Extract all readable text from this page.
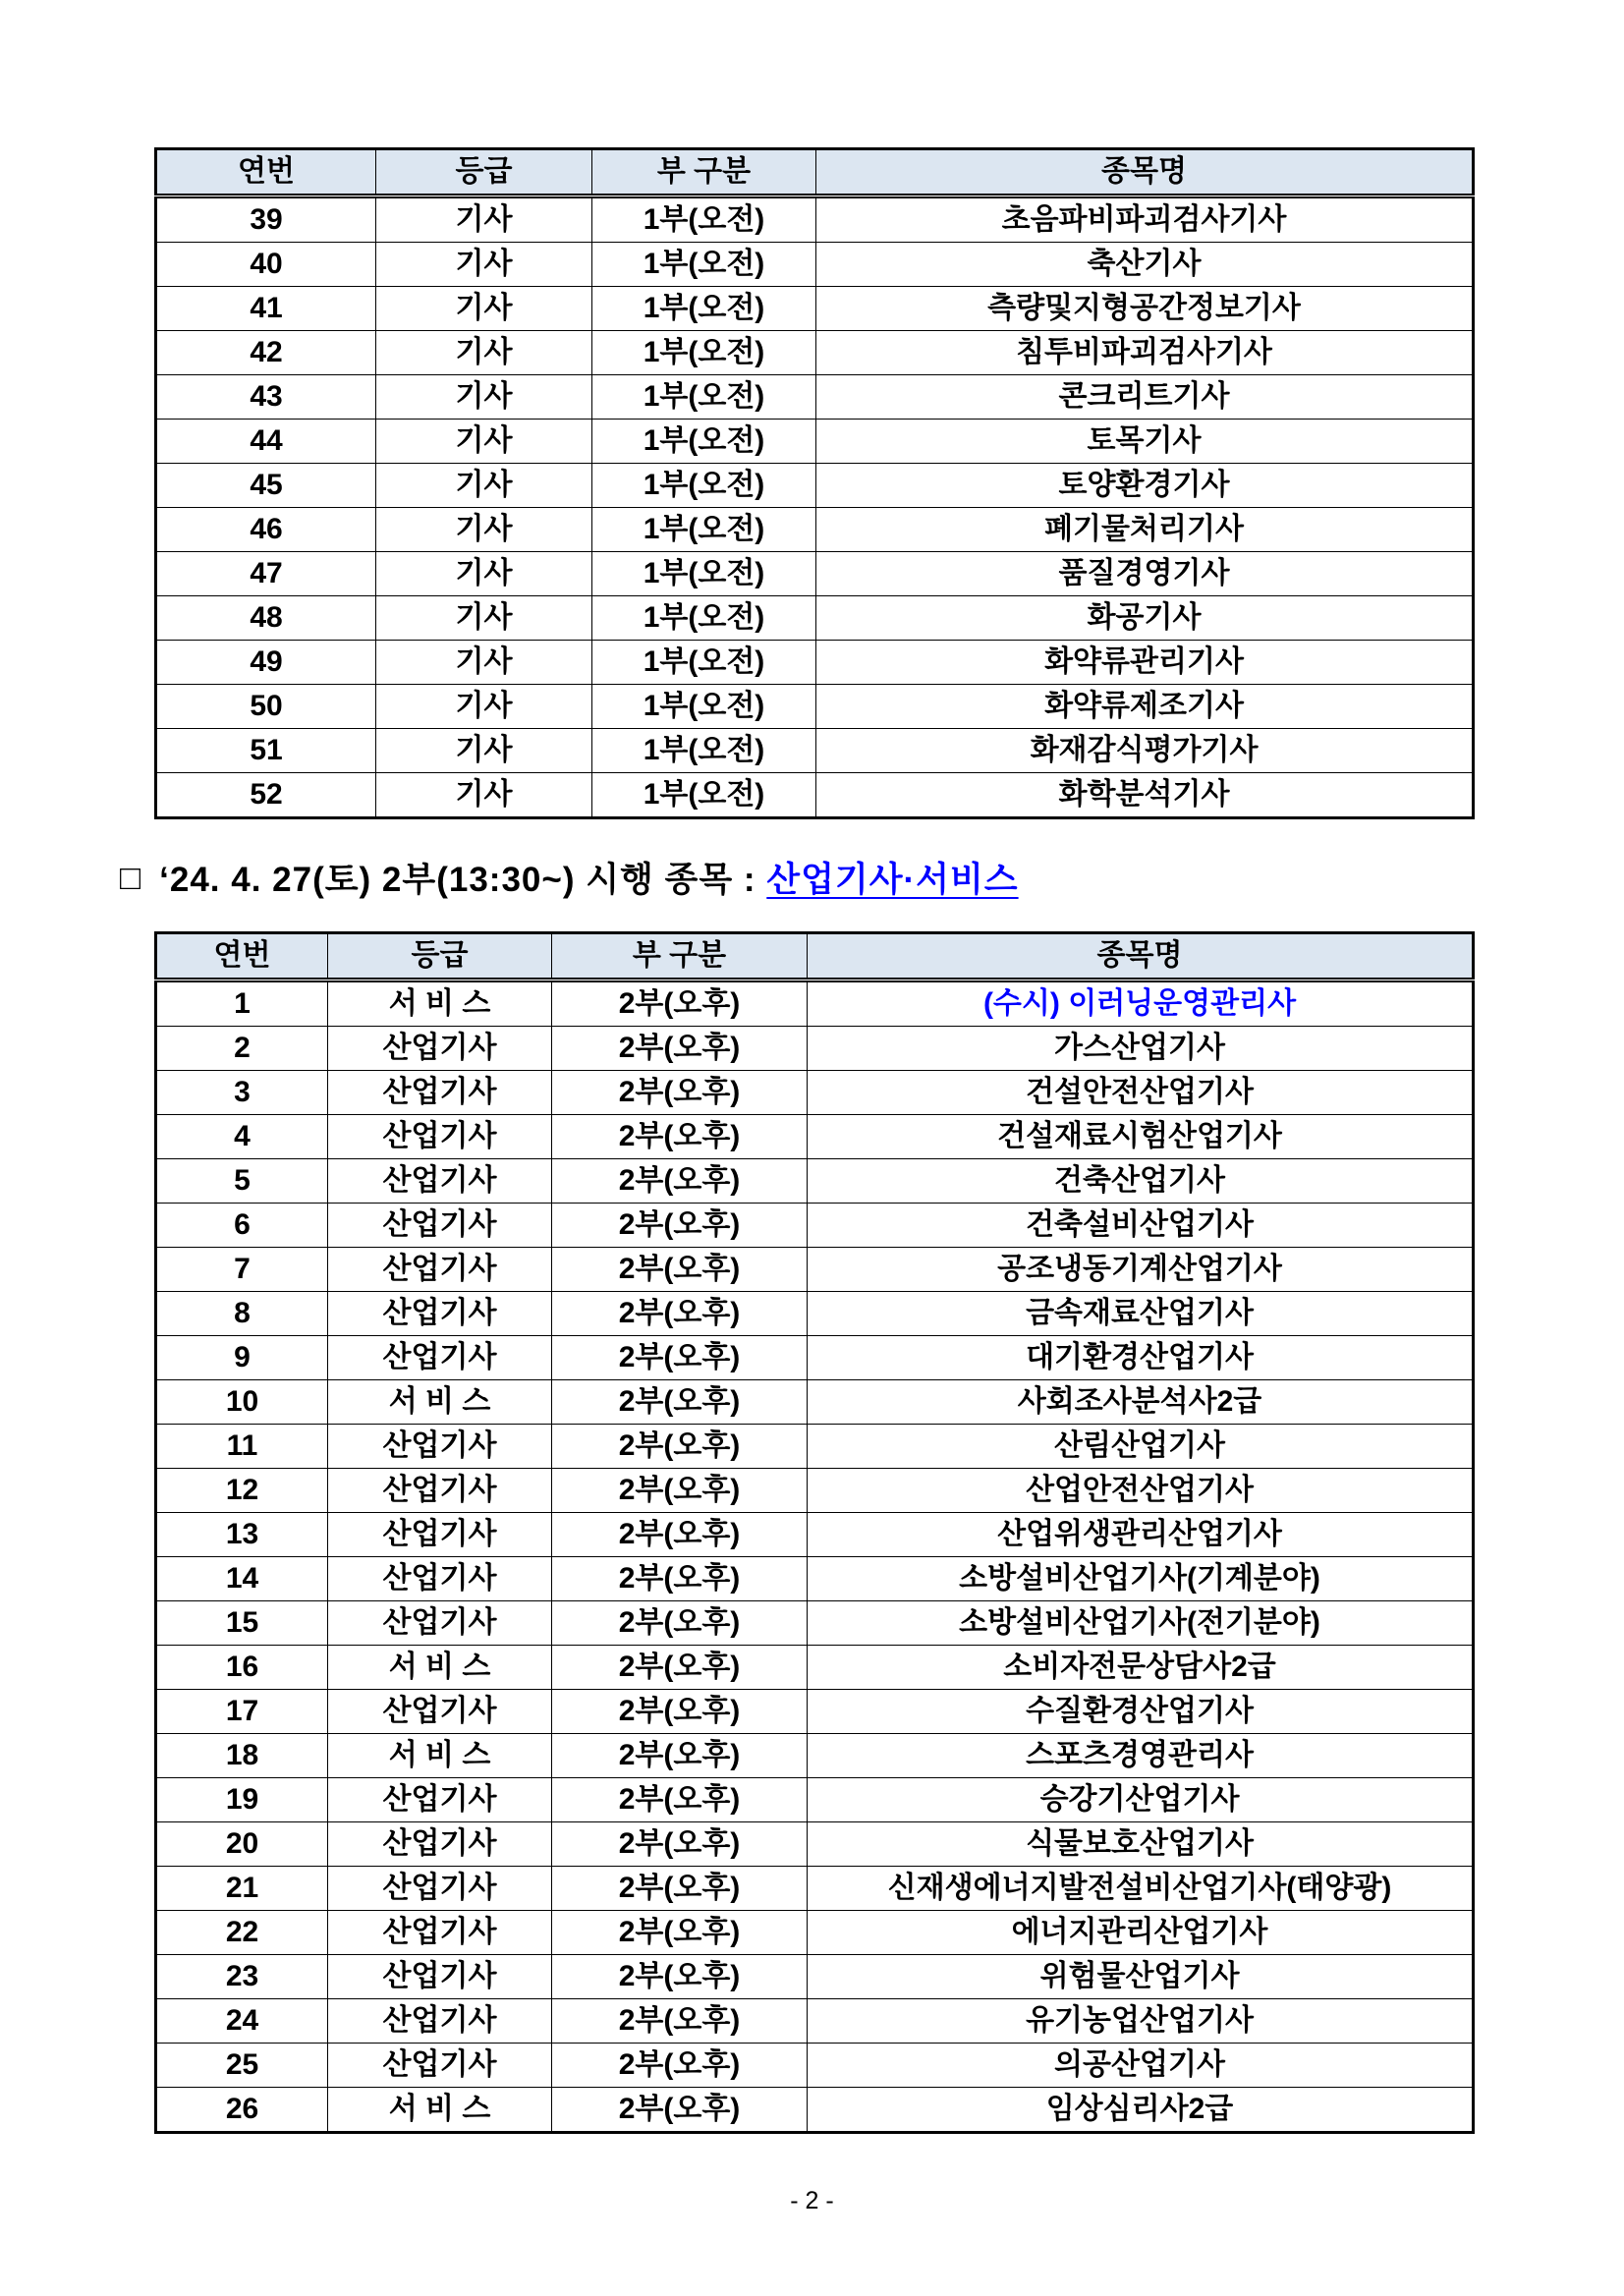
연번	등급	부 구분	종목명
39	기사	1부(오전)	초음파비파괴검사기사
40	기사	1부(오전)	축산기사
41	기사	1부(오전)	측량및지형공간정보기사
42	기사	1부(오전)	침투비파괴검사기사
43	기사	1부(오전)	콘크리트기사
44	기사	1부(오전)	토목기사
45	기사	1부(오전)	토양환경기사
46	기사	1부(오전)	폐기물처리기사
47	기사	1부(오전)	품질경영기사
48	기사	1부(오전)	화공기사
49	기사	1부(오전)	화약류관리기사
50	기사	1부(오전)	화약류제조기사
51	기사	1부(오전)	화재감식평가기사
52	기사	1부(오전)	화학분석기사
□ ‘24. 4. 27(토) 2부(13:30~) 시행 종목 : 산업기사·서비스
연번	등급	부 구분	종목명
1	서 비 스	2부(오후)	(수시) 이러닝운영관리사
2	산업기사	2부(오후)	가스산업기사
3	산업기사	2부(오후)	건설안전산업기사
4	산업기사	2부(오후)	건설재료시험산업기사
5	산업기사	2부(오후)	건축산업기사
6	산업기사	2부(오후)	건축설비산업기사
7	산업기사	2부(오후)	공조냉동기계산업기사
8	산업기사	2부(오후)	금속재료산업기사
9	산업기사	2부(오후)	대기환경산업기사
10	서 비 스	2부(오후)	사회조사분석사2급
11	산업기사	2부(오후)	산림산업기사
12	산업기사	2부(오후)	산업안전산업기사
13	산업기사	2부(오후)	산업위생관리산업기사
14	산업기사	2부(오후)	소방설비산업기사(기계분야)
15	산업기사	2부(오후)	소방설비산업기사(전기분야)
16	서 비 스	2부(오후)	소비자전문상담사2급
17	산업기사	2부(오후)	수질환경산업기사
18	서 비 스	2부(오후)	스포츠경영관리사
19	산업기사	2부(오후)	승강기산업기사
20	산업기사	2부(오후)	식물보호산업기사
21	산업기사	2부(오후)	신재생에너지발전설비산업기사(태양광)
22	산업기사	2부(오후)	에너지관리산업기사
23	산업기사	2부(오후)	위험물산업기사
24	산업기사	2부(오후)	유기농업산업기사
25	산업기사	2부(오후)	의공산업기사
26	서 비 스	2부(오후)	임상심리사2급
- 2 -
